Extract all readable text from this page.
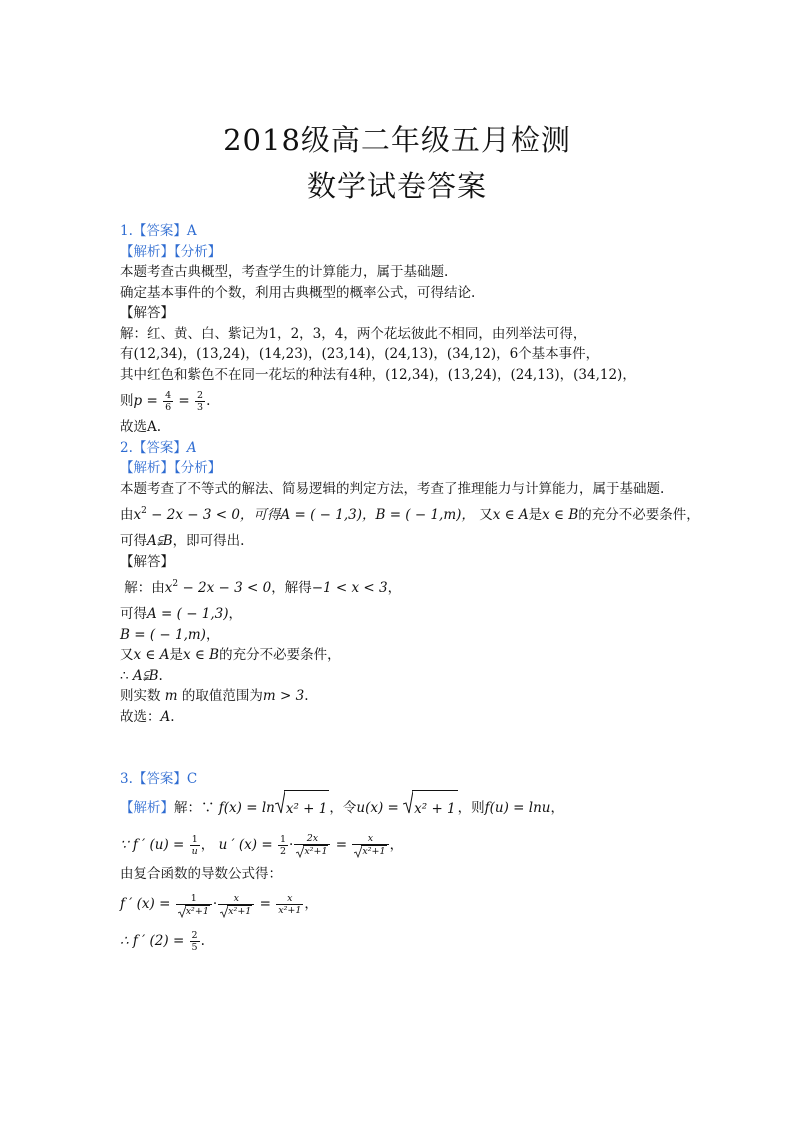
2018级高二年级五月检测
数学试卷答案
1.【答案】A
【解析】【分析】
本题考查古典概型，考查学生的计算能力，属于基础题.
确定基本事件的个数，利用古典概型的概率公式，可得结论.
【解答】
解：红、黄、白、紫记为1，2，3，4，两个花坛彼此不相同，由列举法可得，
有(12,34)，(13,24)，(14,23)，(23,14)，(24,13)，(34,12)，6个基本事件，
其中红色和紫色不在同一花坛的种法有4种，(12,34)，(13,24)，(24,13)，(34,12)，
则$p = \frac{4}{6} = \frac{2}{3}$ .
故选A.
2.【答案】A
【解析】【分析】
本题考查了不等式的解法、简易逻辑的判定方法，考查了推理能力与计算能力，属于基础题.
由$x^2 - 2x - 3 < 0$，可得A = ( − 1,3)，B = ( − 1,m)， 又x ∈ A是x ∈ B的充分不必要条件，
可得A⫋B，即可得出.
【解答】
解：由$x^2 - 2x - 3 < 0$，解得−1 < x < 3，
可得A = ( − 1,3)，
B = ( − 1,m)，
又x ∈ A是x ∈ B的充分不必要条件，
∴ A⫋B.
则实数 m 的取值范围为m > 3.
故选：A.
3.【答案】C
【解析】解：∵ f(x) = ln x² + 1 ，令u(x) =
x² + 1 ，则f(u) = lnu，
∵ f ′ $(u) = \frac{1}{u}$ ， u ′ $(x) = \frac{1}{2} \cdot \frac{2x}{\text{x²+1}} = \frac{x}{\text{x²+1}}$ ，
由复合函数的导数公式得：
f ′ $(x) = \frac{1}{\text{x²+1}} \cdot \frac{x}{\text{x²+1}} = \frac{x}{\text{x²+1}}$ ，
∴ f ′ $(2) = \frac{2}{5}$ .
